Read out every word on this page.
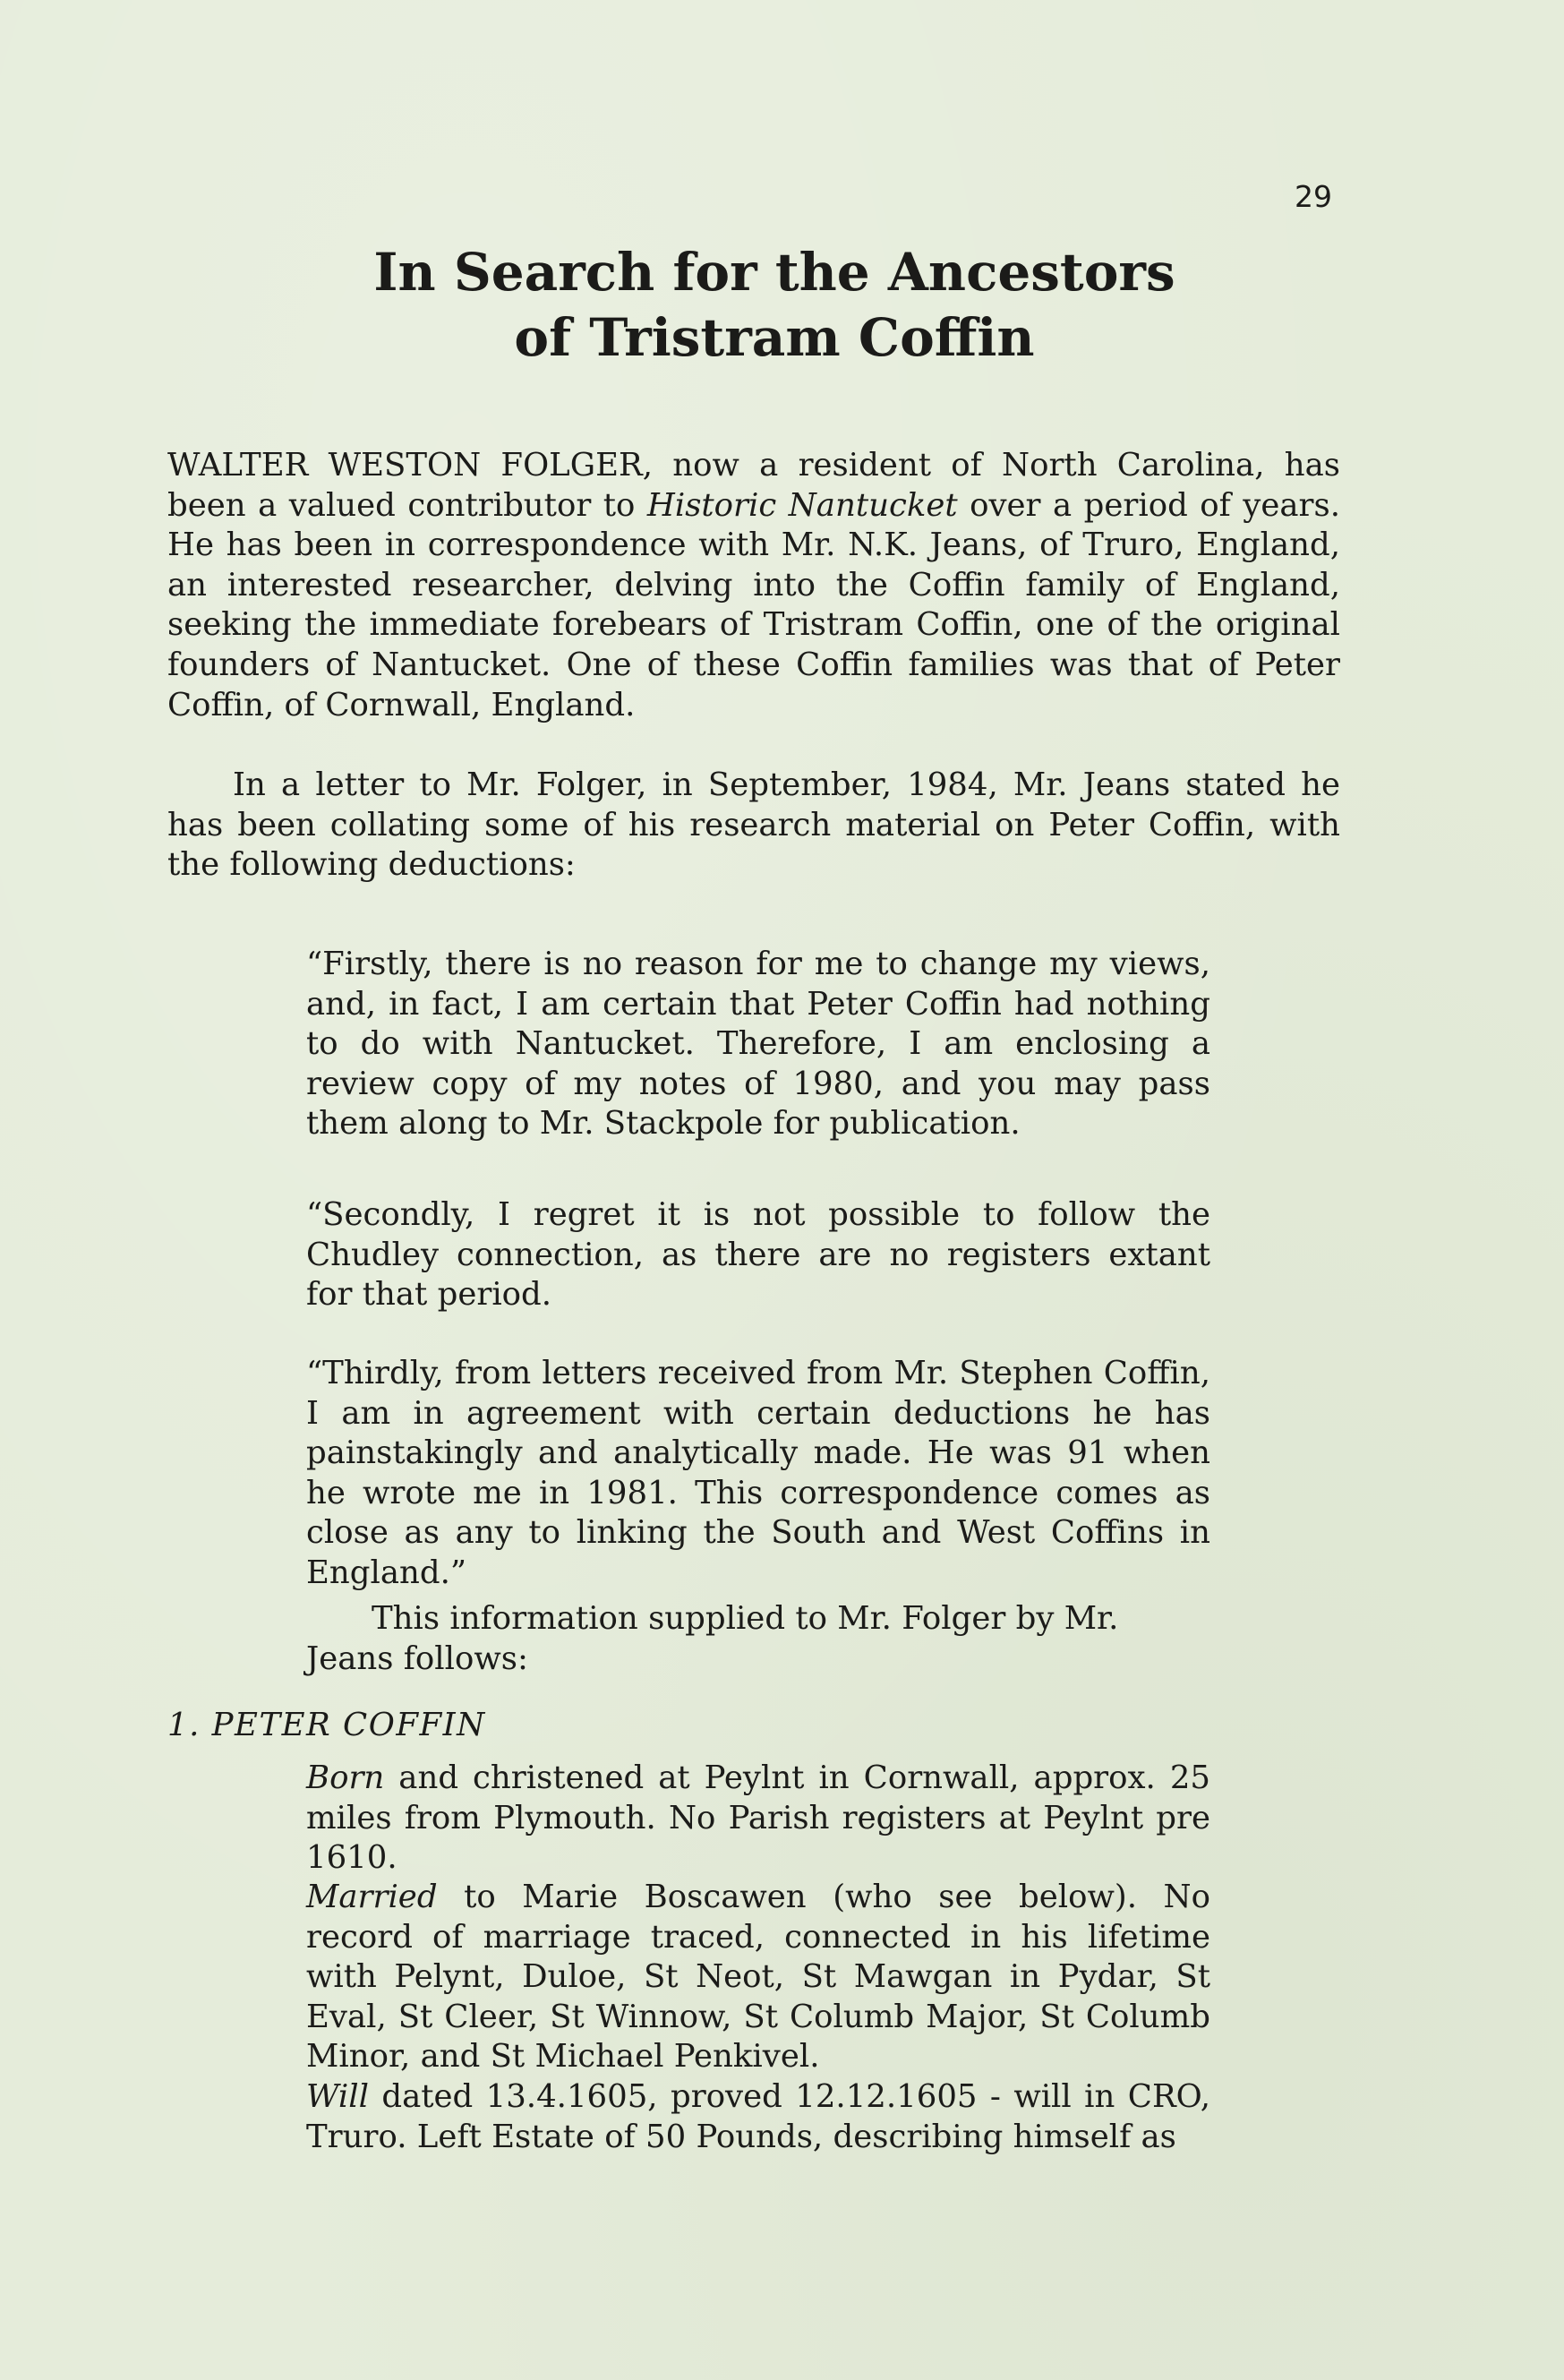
29
In Search for the Ancestors
of Tristram Coffin

WALTER WESTON FOLGER, now a resident of North Carolina, has been a valued contributor to Historic Nantucket over a period of years. He has been in correspondence with Mr. N.K. Jeans, of Truro, England, an interested researcher, delving into the Coffin family of England, seeking the immediate forebears of Tristram Coffin, one of the original founders of Nantucket. One of these Coffin families was that of Peter Coffin, of Cornwall, England.

In a letter to Mr. Folger, in September, 1984, Mr. Jeans stated he has been collating some of his research material on Peter Coffin, with the following deductions:

“Firstly, there is no reason for me to change my views, and, in fact, I am certain that Peter Coffin had nothing to do with Nantucket. Therefore, I am enclosing a review copy of my notes of 1980, and you may pass them along to Mr. Stackpole for publication.

“Secondly, I regret it is not possible to follow the Chudley connection, as there are no registers extant for that period.

“Thirdly, from letters received from Mr. Stephen Coffin, I am in agreement with certain deductions he has painstakingly and analytically made. He was 91 when he wrote me in 1981. This correspondence comes as close as any to linking the South and West Coffins in England.”

This information supplied to Mr. Folger by Mr.
Jeans follows:

1. PETER COFFIN

Born and christened at Peylnt in Cornwall, approx. 25 miles from Plymouth. No Parish registers at Peylnt pre 1610.

Married to Marie Boscawen (who see below). No record of marriage traced, connected in his lifetime with Pelynt, Duloe, St Neot, St Mawgan in Pydar, St Eval, St Cleer, St Winnow, St Columb Major, St Columb Minor, and St Michael Penkivel.

Will dated 13.4.1605, proved 12.12.1605 - will in CRO, Truro. Left Estate of 50 Pounds, describing himself as
